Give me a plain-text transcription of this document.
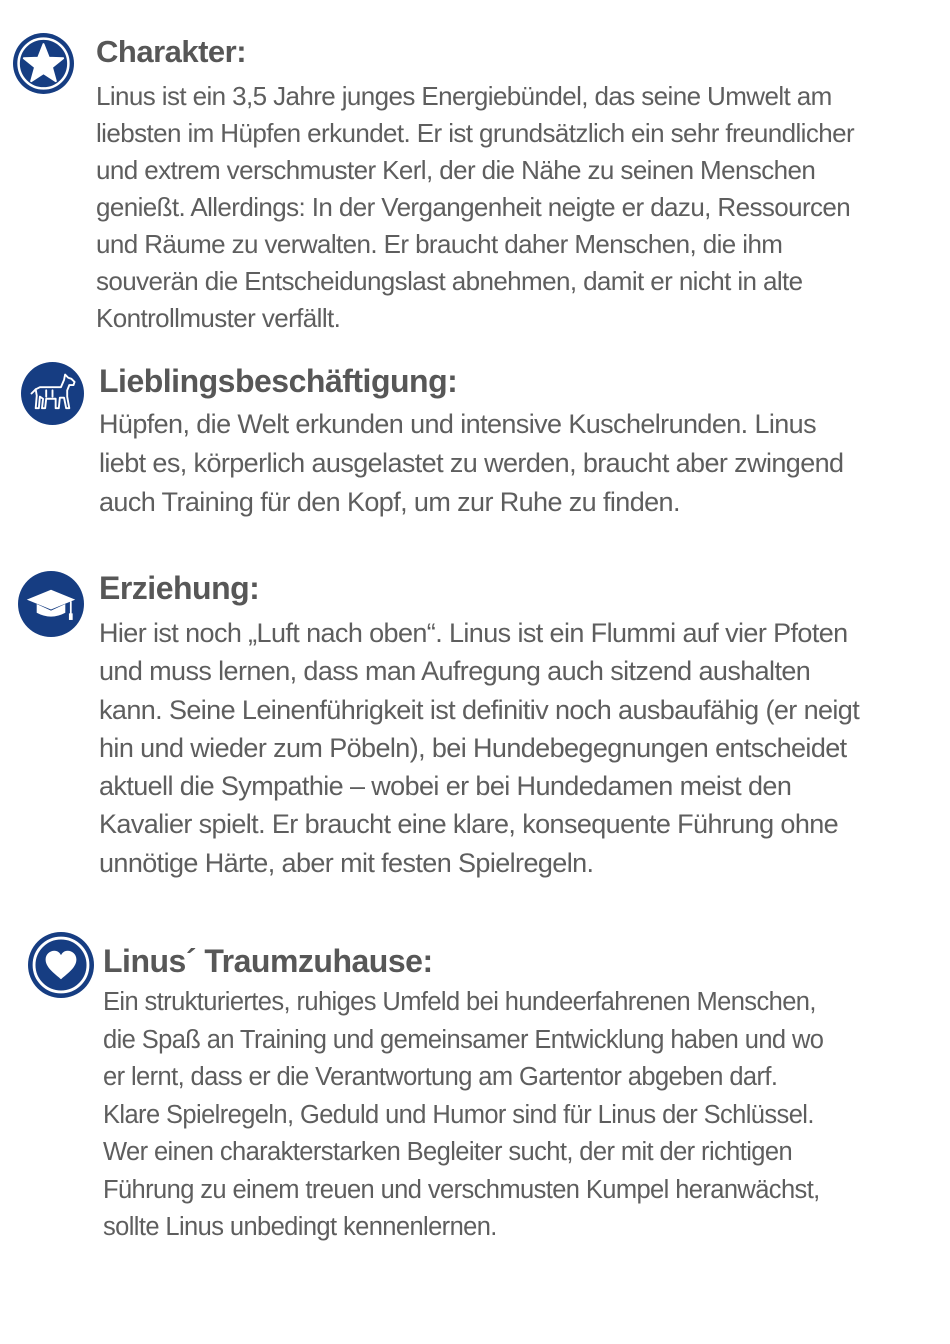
Charakter:

Linus ist ein 3,5 Jahre junges Energiebündel, das seine Umwelt am
liebsten im Hüpfen erkundet. Er ist grundsätzlich ein sehr freundlicher
und extrem verschmuster Kerl, der die Nähe zu seinen Menschen
genießt. Allerdings: In der Vergangenheit neigte er dazu, Ressourcen
und Räume zu verwalten. Er braucht daher Menschen, die ihm
souverän die Entscheidungslast abnehmen, damit er nicht in alte
Kontrollmuster verfällt.

Lieblingsbeschäftigung:

Hüpfen, die Welt erkunden und intensive Kuschelrunden. Linus
liebt es, körperlich ausgelastet zu werden, braucht aber zwingend
auch Training für den Kopf, um zur Ruhe zu finden.

Erziehung:

Hier ist noch „Luft nach oben“. Linus ist ein Flummi auf vier Pfoten
und muss lernen, dass man Aufregung auch sitzend aushalten
kann. Seine Leinenführigkeit ist definitiv noch ausbaufähig (er neigt
hin und wieder zum Pöbeln), bei Hundebegegnungen entscheidet
aktuell die Sympathie – wobei er bei Hundedamen meist den
Kavalier spielt. Er braucht eine klare, konsequente Führung ohne
unnötige Härte, aber mit festen Spielregeln.

Linus´ Traumzuhause:

Ein strukturiertes, ruhiges Umfeld bei hundeerfahrenen Menschen,
die Spaß an Training und gemeinsamer Entwicklung haben und wo
er lernt, dass er die Verantwortung am Gartentor abgeben darf.
Klare Spielregeln, Geduld und Humor sind für Linus der Schlüssel.
Wer einen charakterstarken Begleiter sucht, der mit der richtigen
Führung zu einem treuen und verschmusten Kumpel heranwächst,
sollte Linus unbedingt kennenlernen.
